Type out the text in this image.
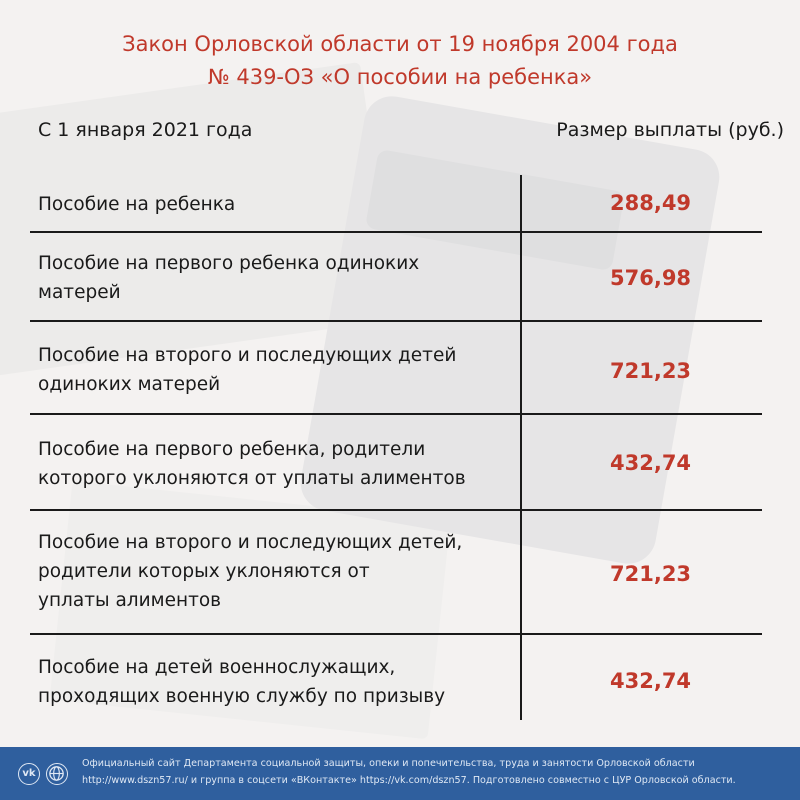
Закон Орловской области от 19 ноября 2004 года
№ 439-ОЗ «О пособии на ребенка»
С 1 января 2021 года	Размер выплаты (руб.)
Пособие на ребенка	288,49
Пособие на первого ребенка одиноких
матерей
576,98
Пособие на второго и последующих детей
одиноких матерей
721,23
Пособие на первого ребенка, родители
которого уклоняются от уплаты алиментов
432,74
Пособие на второго и последующих детей,
родители которых уклоняются от
уплаты алиментов
721,23
Пособие на детей военнослужащих,
проходящих военную службу по призыву
432,74
vk
Официальный сайт Департамента социальной защиты, опеки и попечительства, труда и занятости Орловской области
http://www.dszn57.ru/ и группа в соцсети «ВКонтакте» https://vk.com/dszn57. Подготовлено совместно с ЦУР Орловской области.
